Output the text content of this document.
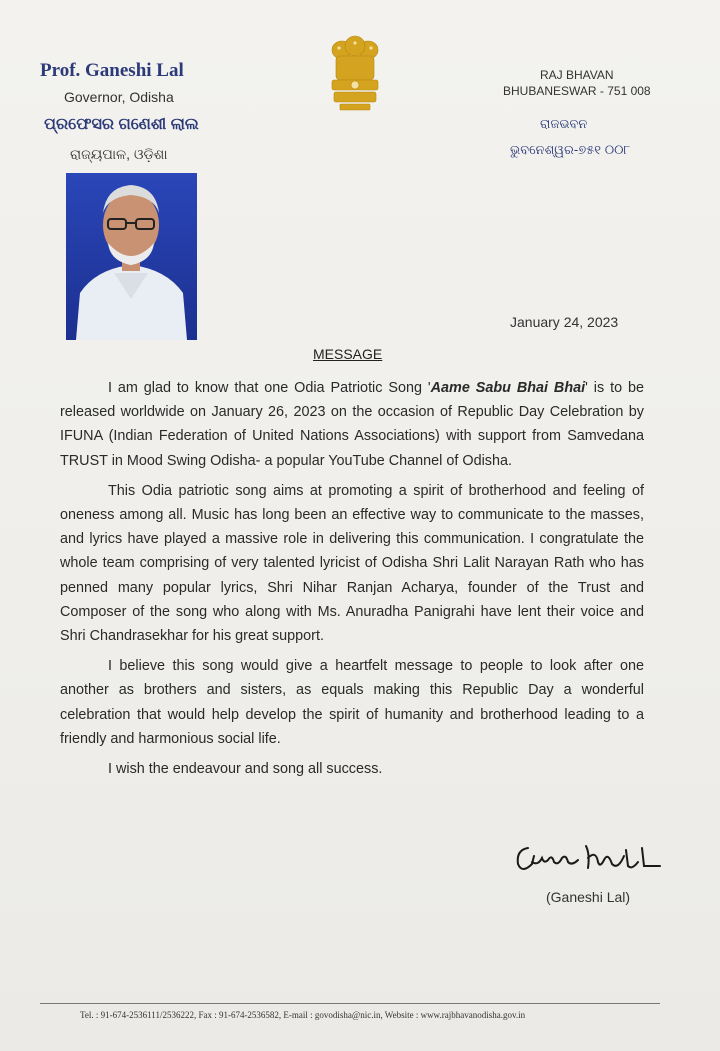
Prof. Ganeshi Lal
Governor, Odisha
ପ୍ରଫେସର ଗଣେଶୀ ଲାଲ
ରାଜ୍ୟପାଳ, ଓଡ଼ିଶା
RAJ BHAVAN
BHUBANESWAR - 751 008
ରାଜଭବନ
ଭୁବନେଶ୍ୱର-୭୫୧ ୦୦୮
January 24, 2023
MESSAGE

I am glad to know that one Odia Patriotic Song 'Aame Sabu Bhai Bhai' is to be released worldwide on January 26, 2023 on the occasion of Republic Day Celebration by IFUNA (Indian Federation of United Nations Associations) with support from Samvedana TRUST in Mood Swing Odisha- a popular YouTube Channel of Odisha.

This Odia patriotic song aims at promoting a spirit of brotherhood and feeling of oneness among all. Music has long been an effective way to communicate to the masses, and lyrics have played a massive role in delivering this communication. I congratulate the whole team comprising of very talented lyricist of Odisha Shri Lalit Narayan Rath who has penned many popular lyrics, Shri Nihar Ranjan Acharya, founder of the Trust and Composer of the song who along with Ms. Anuradha Panigrahi have lent their voice and Shri Chandrasekhar for his great support.

I believe this song would give a heartfelt message to people to look after one another as brothers and sisters, as equals making this Republic Day a wonderful celebration that would help develop the spirit of humanity and brotherhood leading to a friendly and harmonious social life.

I wish the endeavour and song all success.

(Ganeshi Lal)
Tel. : 91-674-2536111/2536222, Fax : 91-674-2536582, E-mail : govodisha@nic.in, Website : www.rajbhavanodisha.gov.in
